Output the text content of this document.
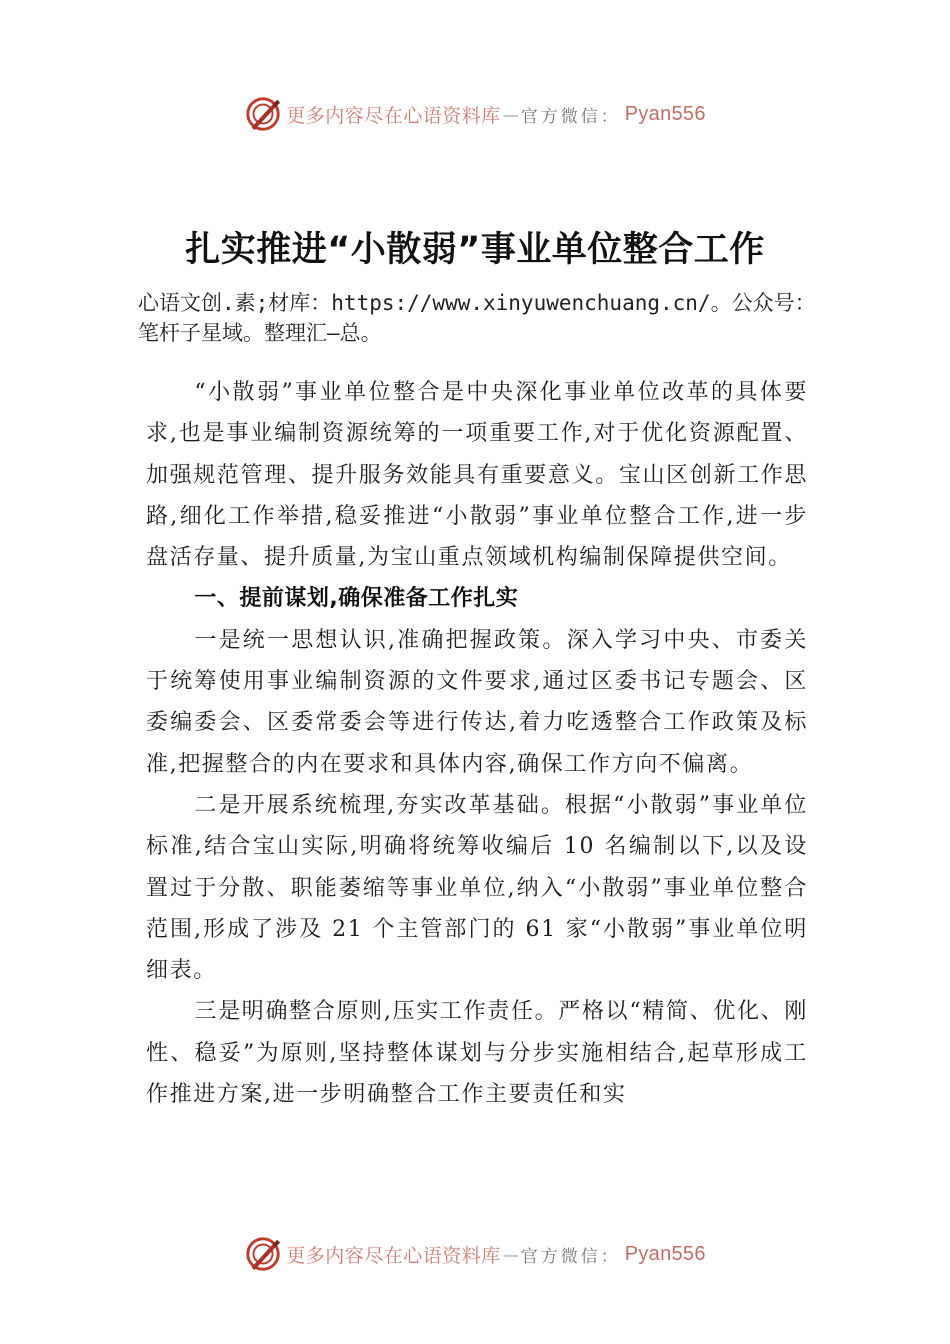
更多内容尽在心语资料库 — 官方微信： Pyan556
扎实推进“小散弱”事业单位整合工作

心语文创.素;材库：https://www.xinyuwenchuang.cn/。公众号：笔杆子星域。整理汇—总。

“小散弱”事业单位整合是中央深化事业单位改革的具体要求,也是事业编制资源统筹的一项重要工作,对于优化资源配置、加强规范管理、提升服务效能具有重要意义。宝山区创新工作思路,细化工作举措,稳妥推进“小散弱”事业单位整合工作,进一步盘活存量、提升质量,为宝山重点领域机构编制保障提供空间。

一、提前谋划,确保准备工作扎实

一是统一思想认识,准确把握政策。深入学习中央、市委关于统筹使用事业编制资源的文件要求,通过区委书记专题会、区委编委会、区委常委会等进行传达,着力吃透整合工作政策及标准,把握整合的内在要求和具体内容,确保工作方向不偏离。

二是开展系统梳理,夯实改革基础。根据“小散弱”事业单位标准,结合宝山实际,明确将统筹收编后 10 名编制以下,以及设置过于分散、职能萎缩等事业单位,纳入“小散弱”事业单位整合范围,形成了涉及 21 个主管部门的 61 家“小散弱”事业单位明细表。

三是明确整合原则,压实工作责任。严格以“精简、优化、刚性、稳妥”为原则,坚持整体谋划与分步实施相结合,起草形成工作推进方案,进一步明确整合工作主要责任和实

更多内容尽在心语资料库 — 官方微信： Pyan556
